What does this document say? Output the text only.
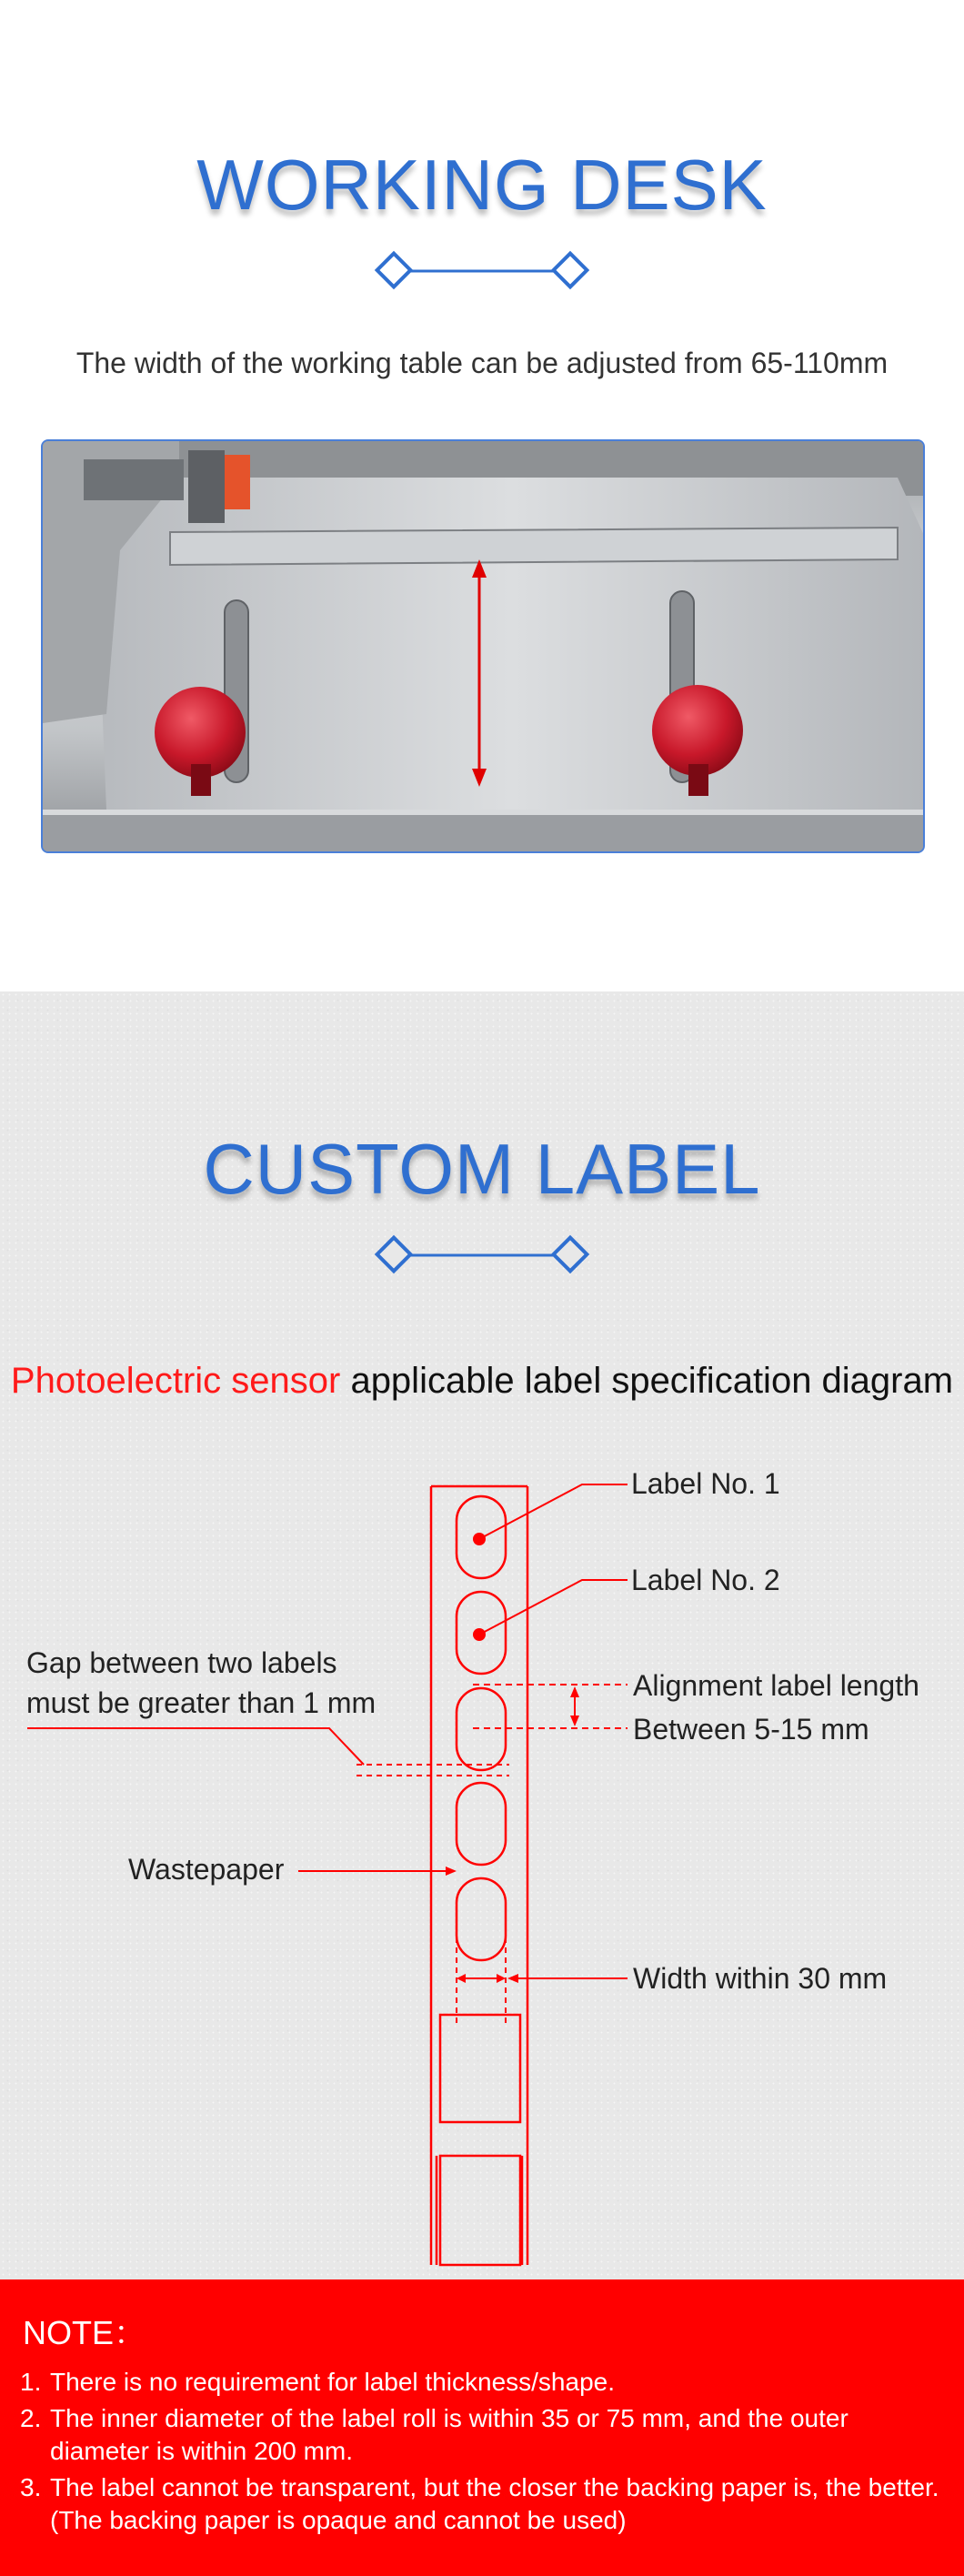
WORKING DESK
The width of the working table can be adjusted from 65-110mm
CUSTOM LABEL
Photoelectric sensor applicable label specification diagram
Label No. 1
Label No. 2
Gap between two labels
must be greater than 1 mm
Alignment label length
Between 5-15 mm
Wastepaper
Width within 30 mm
NOTE：
1. There is no requirement for label thickness/shape.
2. The inner diameter of the label roll is within 35 or 75 mm, and the outer diameter is within 200 mm.
3. The label cannot be transparent, but the closer the backing paper is, the better. (The backing paper is opaque and cannot be used)
